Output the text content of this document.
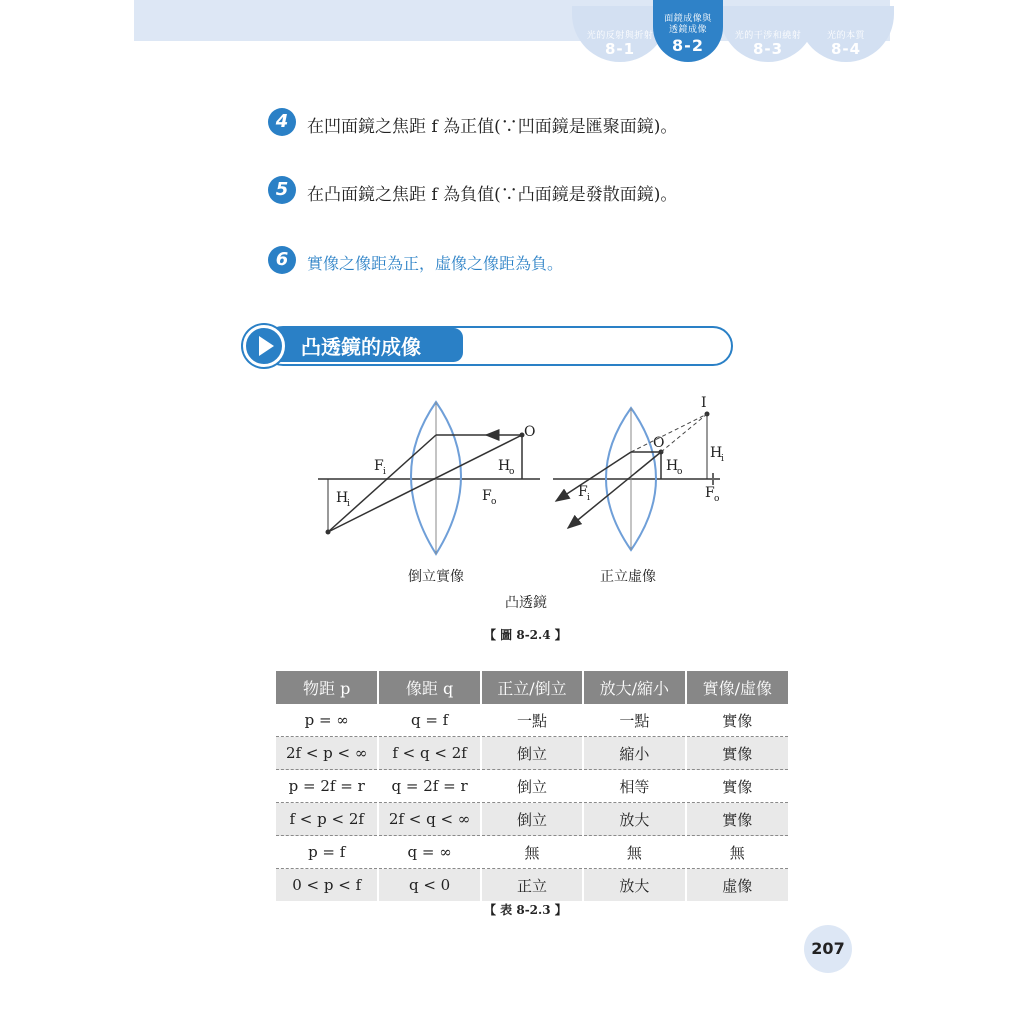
光的反射與折射
8-1
光的干涉和繞射
8-3
光的本質
8-4
面鏡成像與
透鏡成像
8-2
4	在凹面鏡之焦距 f 為正值(∵凹面鏡是匯聚面鏡)。
5	在凸面鏡之焦距 f 為負值(∵凸面鏡是發散面鏡)。
6	實像之像距為正，虛像之像距為負。
凸透鏡的成像
O
F i	H
o
F o
H
i
I
O
H
o
H
i
F i	F o
倒立實像	正立虛像
凸透鏡
【 圖 8-2.4 】
物距 p	像距 q	正立/倒立	放大/縮小	實像/虛像
p = ∞	q = f	一點	一點	實像
2f < p < ∞	f < q < 2f	倒立	縮小	實像
p = 2f = r	q = 2f = r	倒立	相等	實像
f < p < 2f	2f < q < ∞	倒立	放大	實像
p = f	q = ∞	無	無	無
0 < p < f	q < 0	正立	放大	虛像
【 表 8-2.3 】
207
